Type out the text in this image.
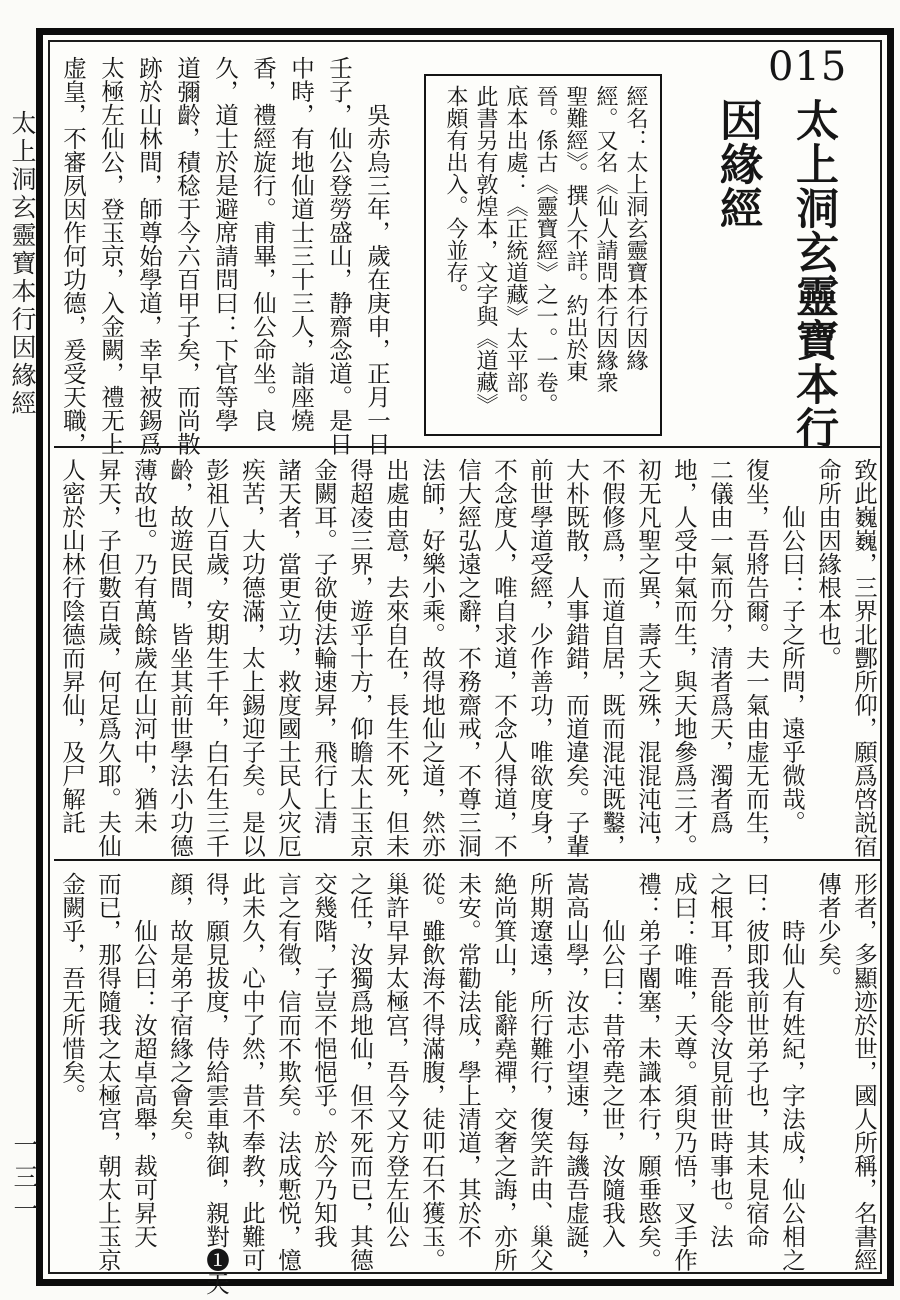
015
太上洞玄靈寶本行
因緣經
經名：太上洞玄靈寶本行因緣
經。又名《仙人請問本行因緣衆
聖難經》。撰人不詳。約出於東
晉。係古《靈寶經》之一。一卷。
底本出處：《正統道藏》太平部。
此書另有敦煌本，文字與《道藏》
本頗有出入。今並存。
　　吳赤烏三年，歲在庚申，正月一日
壬子，仙公登勞盛山，静齋念道。是日
中時，有地仙道士三十三人，詣座燒
香，禮經旋行。甫畢，仙公命坐。良
久，道士於是避席請問曰：下官等學
道彌齡，積稔于今六百甲子矣，而尚散
跡於山林間，師尊始學道，幸早被錫爲
太極左仙公，登玉京，入金闕，禮无上
虚皇，不審夙因作何功德，爰受天職，
致此巍巍，三界北酆所仰，願爲啓説宿
命所由因緣根本也。
　　仙公曰：子之所問，遠乎微哉。
復坐，吾將告爾。夫一氣由虚无而生，
二儀由一氣而分，清者爲天，濁者爲
地，人受中氣而生，與天地參爲三才。
初无凡聖之異，壽夭之殊，混混沌沌，
不假修爲，而道自居，既而混沌既鑿，
大朴既散，人事錯錯，而道違矣。子輩
前世學道受經，少作善功，唯欲度身，
不念度人，唯自求道，不念人得道，不
信大經弘遠之辭，不務齋戒，不尊三洞
法師，好樂小乘。故得地仙之道，然亦
出處由意，去來自在，長生不死，但未
得超凌三界，遊乎十方，仰瞻太上玉京
金闕耳。子欲使法輪速昇，飛行上清
諸天者，當更立功，救度國土民人灾厄
疾苦，大功德滿，太上錫迎子矣。是以
彭祖八百歲，安期生千年，白石生三千
齡，故遊民間，皆坐其前世學法小功德
薄故也。乃有萬餘歲在山河中，猶未
昇天，子但數百歲，何足爲久耶。夫仙
人密於山林行陰德而昇仙，及尸解託
形者，多顯迹於世，國人所稱，名書經
傳者少矣。
　　時仙人有姓紀，字法成，仙公相之
曰：彼即我前世弟子也，其未見宿命
之根耳，吾能令汝見前世時事也。法
成曰：唯唯，天尊。須臾乃悟，叉手作
禮：弟子閽塞，未識本行，願垂愍矣。
　　仙公曰：昔帝堯之世，汝隨我入
嵩高山學，汝志小望速，每譏吾虚誕，
所期遼遠，所行難行，復笑許由、巢父
絶尚箕山，能辭堯禪，交奢之誨，亦所
未安。常勸法成，學上清道，其於不
從。雖飲海不得滿腹，徒叩石不獲玉。
巢許早昇太極宫，吾今又方登左仙公
之任，汝獨爲地仙，但不死而已，其德
交幾階，子豈不悒悒乎。於今乃知我
言之有徵，信而不欺矣。法成慙悦，憶
此未久，心中了然，昔不奉教，此難可
得，願見拔度，侍給雲車執御，親對❶天
顔，故是弟子宿緣之會矣。
　　仙公曰：汝超卓高舉，裁可昇天
而已，那得隨我之太極宫，朝太上玉京
金闕乎，吾无所惜矣。
太上洞玄靈寶本行因緣經
一三一
